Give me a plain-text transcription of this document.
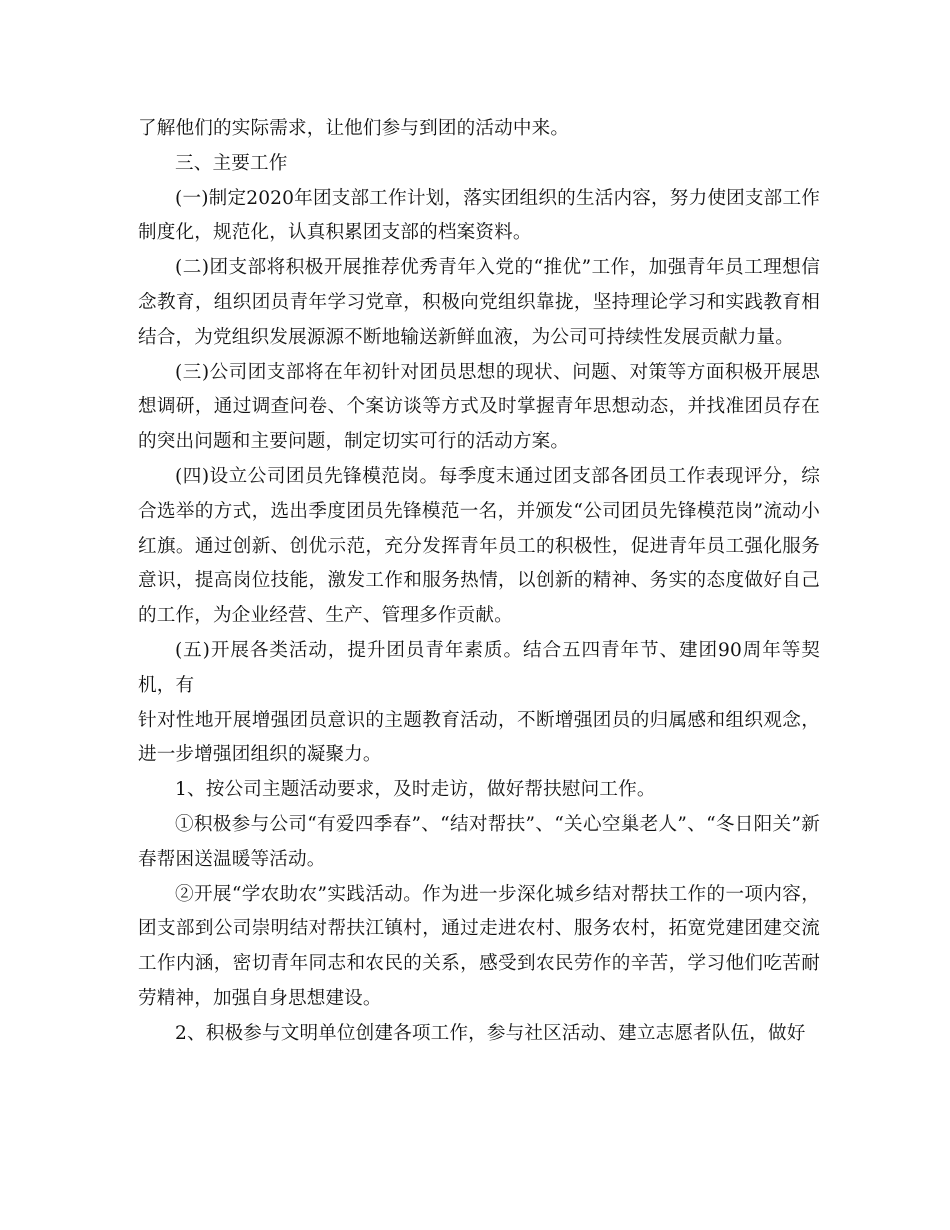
了解他们的实际需求，让他们参与到团的活动中来。

三、主要工作

(一)制定2020年团支部工作计划，落实团组织的生活内容，努力使团支部工作制度化，规范化，认真积累团支部的档案资料。

(二)团支部将积极开展推荐优秀青年入党的“推优”工作，加强青年员工理想信念教育，组织团员青年学习党章，积极向党组织靠拢，坚持理论学习和实践教育相结合，为党组织发展源源不断地输送新鲜血液，为公司可持续性发展贡献力量。

(三)公司团支部将在年初针对团员思想的现状、问题、对策等方面积极开展思想调研，通过调查问卷、个案访谈等方式及时掌握青年思想动态，并找准团员存在的突出问题和主要问题，制定切实可行的活动方案。

(四)设立公司团员先锋模范岗。每季度末通过团支部各团员工作表现评分，综合选举的方式，选出季度团员先锋模范一名，并颁发“公司团员先锋模范岗”流动小红旗。通过创新、创优示范，充分发挥青年员工的积极性，促进青年员工强化服务意识，提高岗位技能，激发工作和服务热情，以创新的精神、务实的态度做好自己的工作，为企业经营、生产、管理多作贡献。

(五)开展各类活动，提升团员青年素质。结合五四青年节、建团90周年等契机，有

针对性地开展增强团员意识的主题教育活动，不断增强团员的归属感和组织观念，进一步增强团组织的凝聚力。

1、按公司主题活动要求，及时走访，做好帮扶慰问工作。

①积极参与公司“有爱四季春”、“结对帮扶”、“关心空巢老人”、“冬日阳关”新春帮困送温暖等活动。

②开展“学农助农”实践活动。作为进一步深化城乡结对帮扶工作的一项内容，团支部到公司崇明结对帮扶江镇村，通过走进农村、服务农村，拓宽党建团建交流工作内涵，密切青年同志和农民的关系，感受到农民劳作的辛苦，学习他们吃苦耐劳精神，加强自身思想建设。

2、积极参与文明单位创建各项工作，参与社区活动、建立志愿者队伍，做好
